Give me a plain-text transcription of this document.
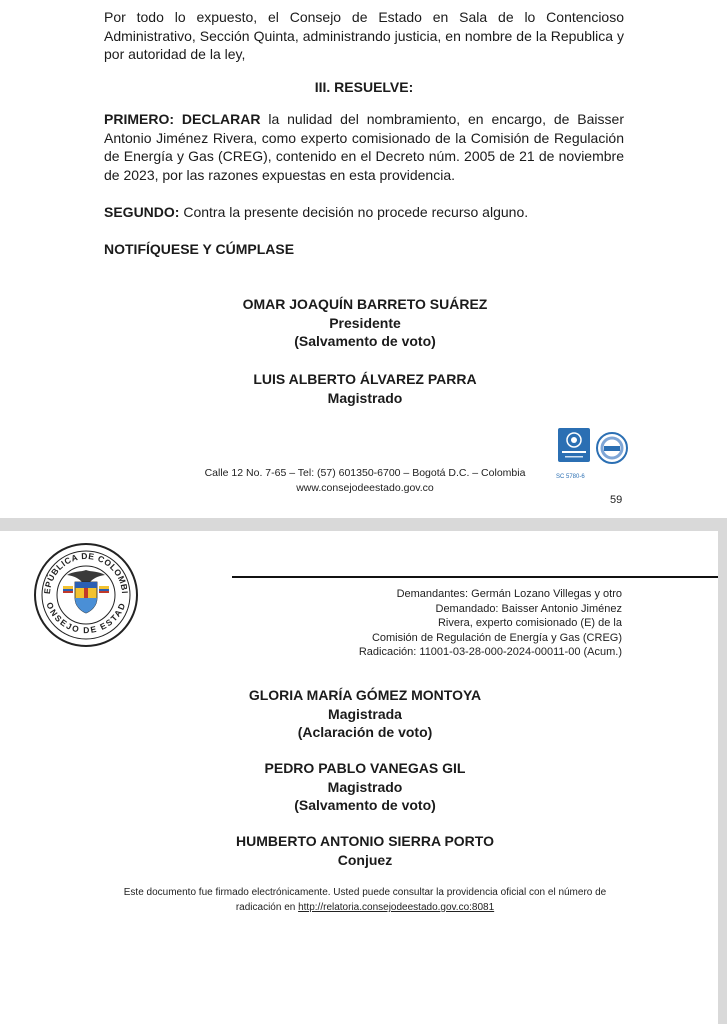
Por todo lo expuesto, el Consejo de Estado en Sala de lo Contencioso Administrativo, Sección Quinta, administrando justicia, en nombre de la Republica y por autoridad de la ley,

III. RESUELVE:

PRIMERO: DECLARAR la nulidad del nombramiento, en encargo, de Baisser Antonio Jiménez Rivera, como experto comisionado de la Comisión de Regulación de Energía y Gas (CREG), contenido en el Decreto núm. 2005 de 21 de noviembre de 2023, por las razones expuestas en esta providencia.

SEGUNDO: Contra la presente decisión no procede recurso alguno.

NOTIFÍQUESE Y CÚMPLASE

OMAR JOAQUÍN BARRETO SUÁREZ
Presidente
(Salvamento de voto)
LUIS ALBERTO ÁLVAREZ PARRA
Magistrado
Calle 12 No. 7-65 – Tel: (57) 601350-6700 – Bogotá D.C. – Colombia
www.consejodeestado.gov.co
SC 5780-6
59
EPÚBLICA DE COLOMBI
ONSEJO DE ESTAD
Demandantes: Germán Lozano Villegas y otro
Demandado: Baisser Antonio Jiménez
Rivera, experto comisionado (E) de la
Comisión de Regulación de Energía y Gas (CREG)
Radicación: 11001-03-28-000-2024-00011-00 (Acum.)
GLORIA MARÍA GÓMEZ MONTOYA
Magistrada
(Aclaración de voto)
PEDRO PABLO VANEGAS GIL
Magistrado
(Salvamento de voto)
HUMBERTO ANTONIO SIERRA PORTO
Conjuez
Este documento fue firmado electrónicamente. Usted puede consultar la providencia oficial con el número de radicación en http://relatoria.consejodeestado.gov.co:8081
